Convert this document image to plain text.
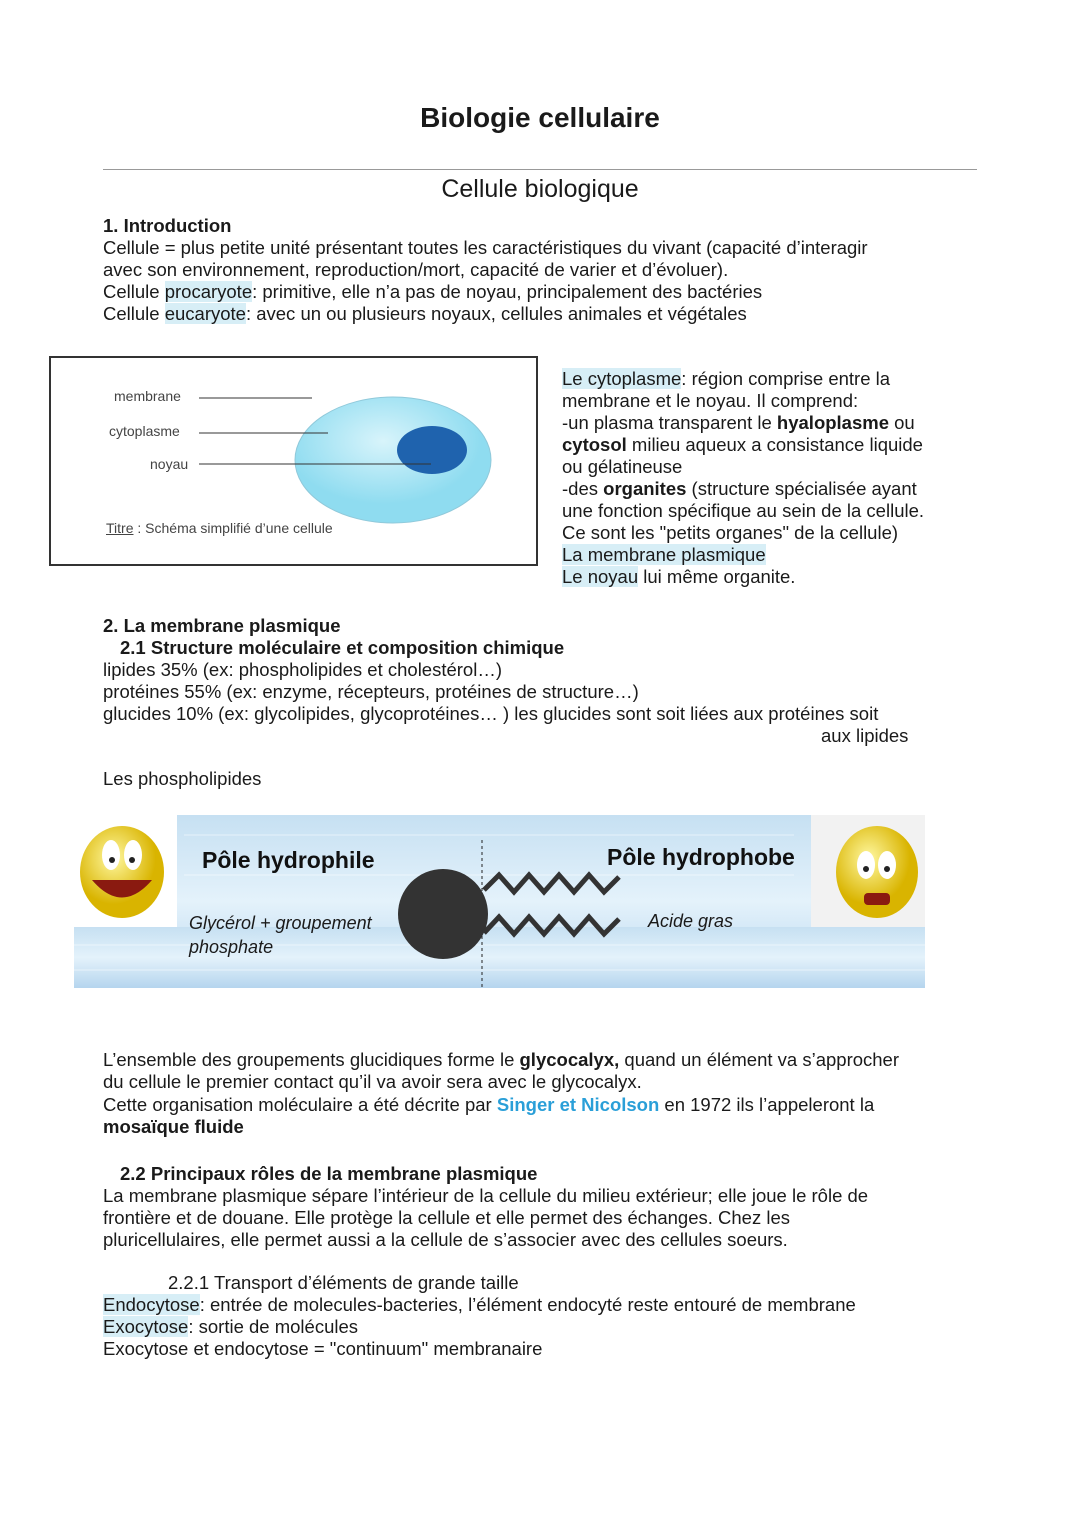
Biologie cellulaire
Cellule biologique
1. Introduction
Cellule = plus petite unité présentant toutes les caractéristiques du vivant (capacité d’interagir
avec son environnement, reproduction/mort, capacité de varier et d’évoluer).
Cellule procaryote: primitive, elle n’a pas de noyau, principalement des bactéries
Cellule eucaryote: avec un ou plusieurs noyaux, cellules animales et végétales
membrane
cytoplasme
noyau
Titre : Schéma simplifié d’une cellule
Le cytoplasme: région comprise entre la
membrane et le noyau. Il comprend:
-un plasma transparent le hyaloplasme ou
cytosol milieu aqueux a consistance liquide
ou gélatineuse
-des organites (structure spécialisée ayant
une fonction spécifique au sein de la cellule.
Ce sont les "petits organes" de la cellule)
La membrane plasmique
Le noyau lui même organite.
2. La membrane plasmique
2.1 Structure moléculaire et composition chimique
lipides 35% (ex: phospholipides et cholestérol…)
protéines 55% (ex: enzyme, récepteurs, protéines de structure…)
glucides 10% (ex: glycolipides, glycoprotéines… ) les glucides sont soit liées aux protéines soit
aux lipides
Les phospholipides
Pôle hydrophile	Pôle hydrophobe
Glycérol + groupement
phosphate
Acide gras
L’ensemble des groupements glucidiques forme le glycocalyx, quand un élément va s’approcher
du cellule le premier contact qu’il va avoir sera avec le glycocalyx.
Cette organisation moléculaire a été décrite par Singer et Nicolson en 1972 ils l’appeleront la
mosaïque fluide
2.2 Principaux rôles de la membrane plasmique
La membrane plasmique sépare l’intérieur de la cellule du milieu extérieur; elle joue le rôle de
frontière et de douane. Elle protège la cellule et elle permet des échanges. Chez les
pluricellulaires, elle permet aussi a la cellule de s’associer avec des cellules soeurs.
2.2.1 Transport d’éléments de grande taille
Endocytose: entrée de molecules-bacteries, l’élément endocyté reste entouré de membrane
Exocytose: sortie de molécules
Exocytose et endocytose = "continuum" membranaire
